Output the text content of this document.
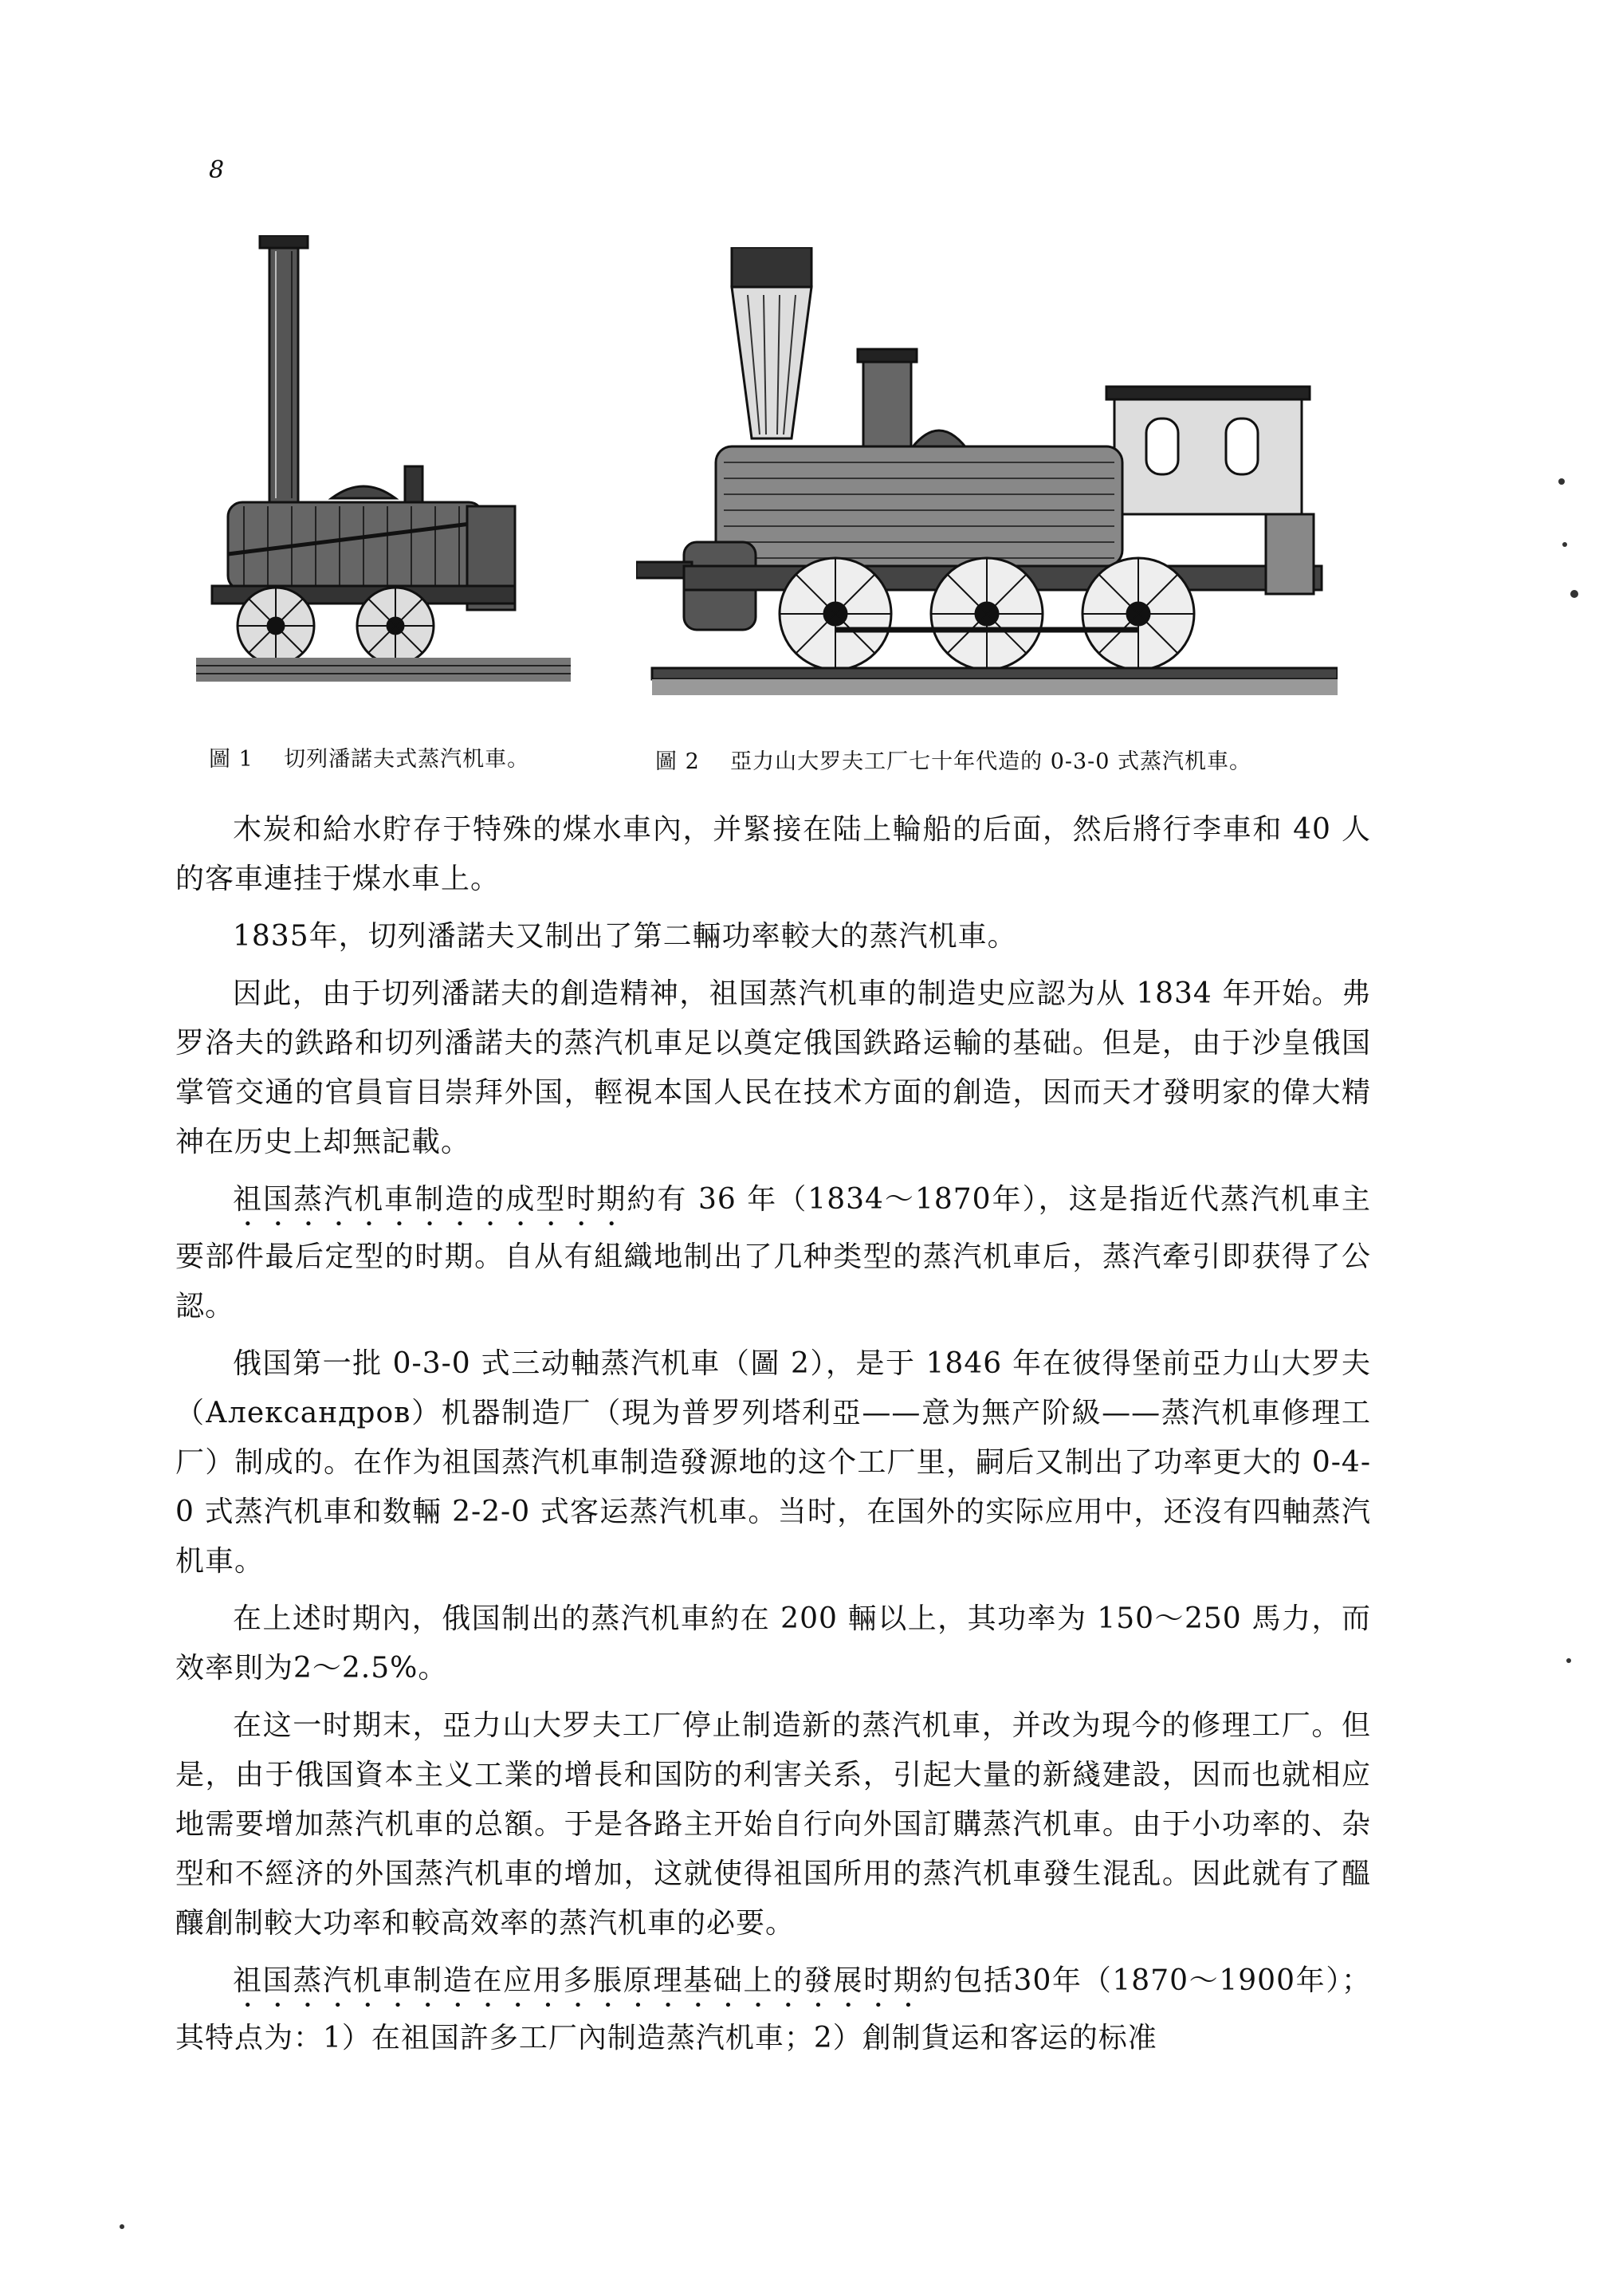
8
圖 1 切列潘諾夫式蒸汽机車。	圖 2 亞力山大罗夫工厂七十年代造的 0-3-0 式蒸汽机車。

木炭和給水貯存于特殊的煤水車內，并緊接在陆上輪船的后面，然后將行李車和 40 人的客車連挂于煤水車上。

1835年，切列潘諾夫又制出了第二輛功率較大的蒸汽机車。

因此，由于切列潘諾夫的創造精神，祖国蒸汽机車的制造史应認为从 1834 年开始。弗罗洛夫的鉄路和切列潘諾夫的蒸汽机車足以奠定俄国鉄路运輸的基础。但是，由于沙皇俄国掌管交通的官員盲目崇拜外国，輕視本国人民在技术方面的創造，因而天才發明家的偉大精神在历史上却無記載。

祖国蒸汽机車制造的成型时期約有 36 年（1834～1870年），这是指近代蒸汽机車主要部件最后定型的时期。自从有組織地制出了几种类型的蒸汽机車后，蒸汽牽引即获得了公認。

俄国第一批 0-3-0 式三动軸蒸汽机車（圖 2），是于 1846 年在彼得堡前亞力山大罗夫（Александров）机器制造厂（現为普罗列塔利亞——意为無产阶級——蒸汽机車修理工厂）制成的。在作为祖国蒸汽机車制造發源地的这个工厂里，嗣后又制出了功率更大的 0-4-0 式蒸汽机車和数輛 2-2-0 式客运蒸汽机車。当时，在国外的实际应用中，还沒有四軸蒸汽机車。

在上述时期內，俄国制出的蒸汽机車約在 200 輛以上，其功率为 150～250 馬力，而效率則为2～2.5%。

在这一时期末，亞力山大罗夫工厂停止制造新的蒸汽机車，并改为現今的修理工厂。但是，由于俄国資本主义工業的增長和国防的利害关系，引起大量的新綫建設，因而也就相应地需要增加蒸汽机車的总額。于是各路主开始自行向外国訂購蒸汽机車。由于小功率的、杂型和不經济的外国蒸汽机車的增加，这就使得祖国所用的蒸汽机車發生混乱。因此就有了醞釀創制較大功率和較高效率的蒸汽机車的必要。

祖国蒸汽机車制造在应用多脹原理基础上的發展时期約包括30年（1870～1900年）；其特点为：1）在祖国許多工厂內制造蒸汽机車；2）創制貨运和客运的标准
